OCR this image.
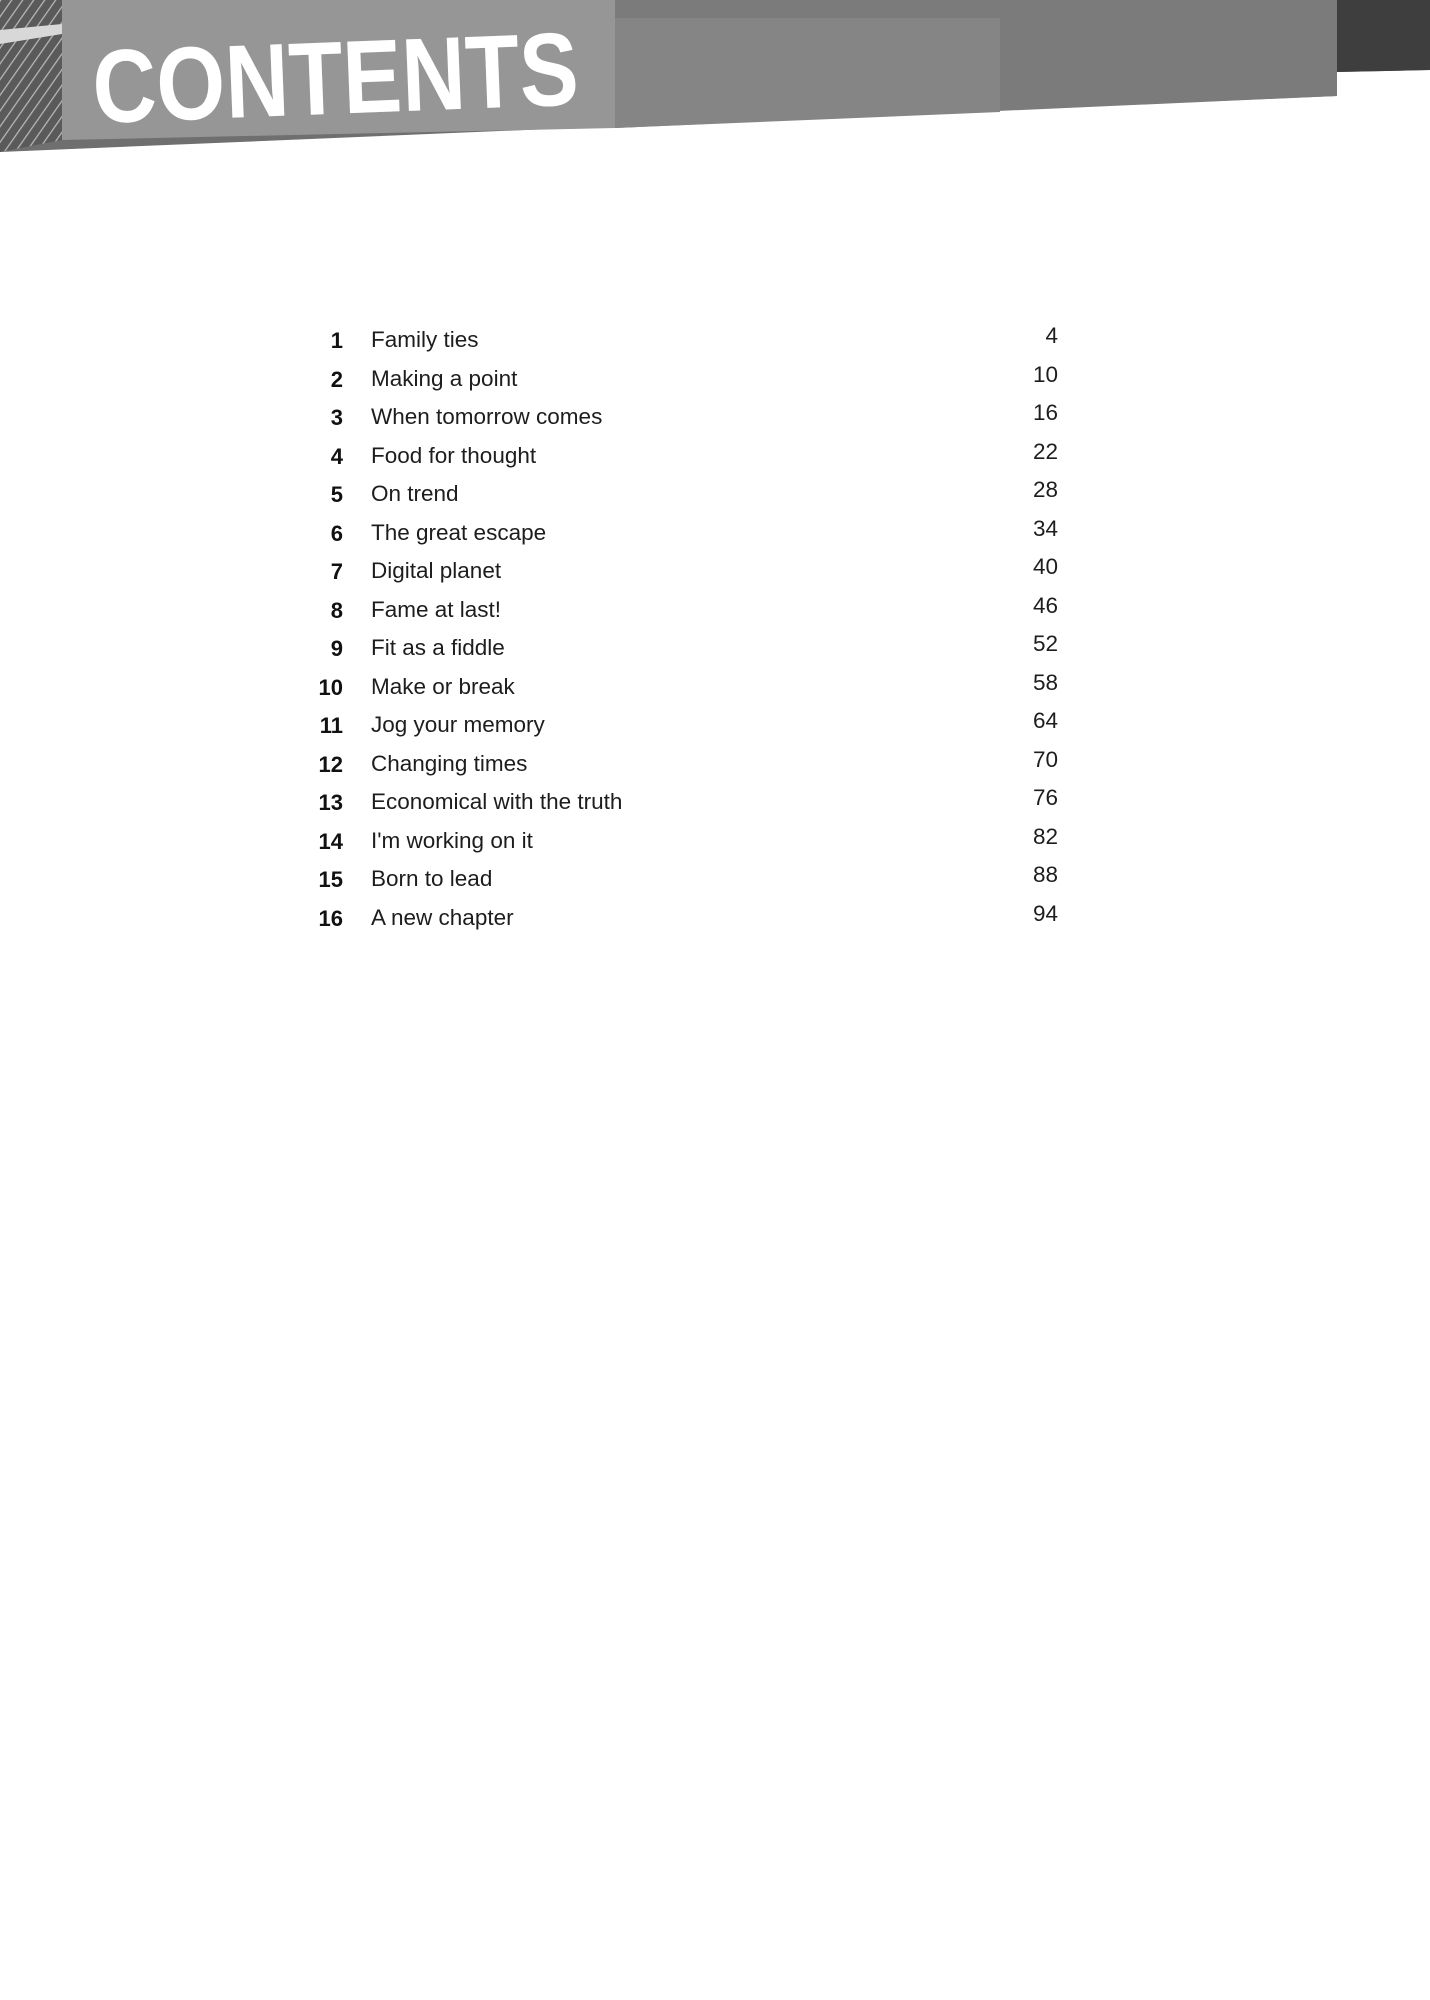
CONTENTS
1 Family ties	4
2 Making a point	10
3 When tomorrow comes	16
4 Food for thought	22
5 On trend	28
6 The great escape	34
7 Digital planet	40
8 Fame at last!	46
9 Fit as a fiddle	52
10 Make or break	58
11 Jog your memory	64
12 Changing times	70
13 Economical with the truth	76
14 I'm working on it	82
15 Born to lead	88
16 A new chapter	94
